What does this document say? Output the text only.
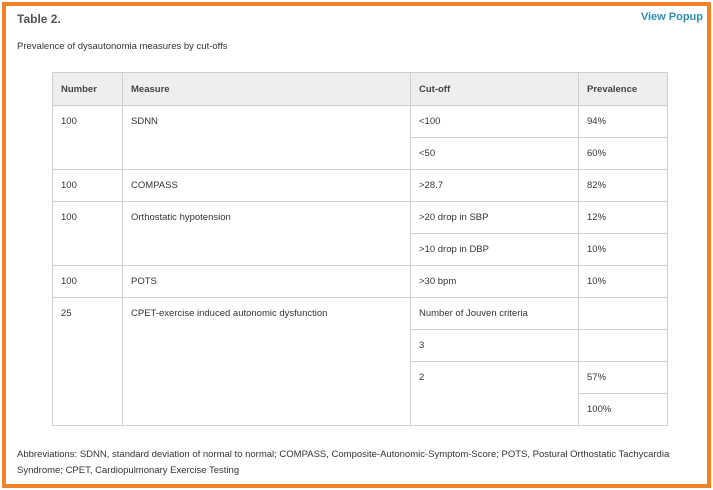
Table 2.	View Popup
Prevalence of dysautonomia measures by cut-offs
Number	Measure	Cut-off	Prevalence
100	SDNN	<100	94%
		<50	60%
100	COMPASS	>28.7	82%
100	Orthostatic hypotension	>20 drop in SBP	12%
		>10 drop in DBP	10%
100	POTS	>30 bpm	10%
25	CPET-exercise induced autonomic dysfunction	Number of Jouven criteria	
		3	
		2	57%
			100%
Abbreviations: SDNN, standard deviation of normal to normal; COMPASS, Composite-Autonomic-Symptom-Score; POTS, Postural Orthostatic Tachycardia Syndrome; CPET, Cardiopulmonary Exercise Testing
